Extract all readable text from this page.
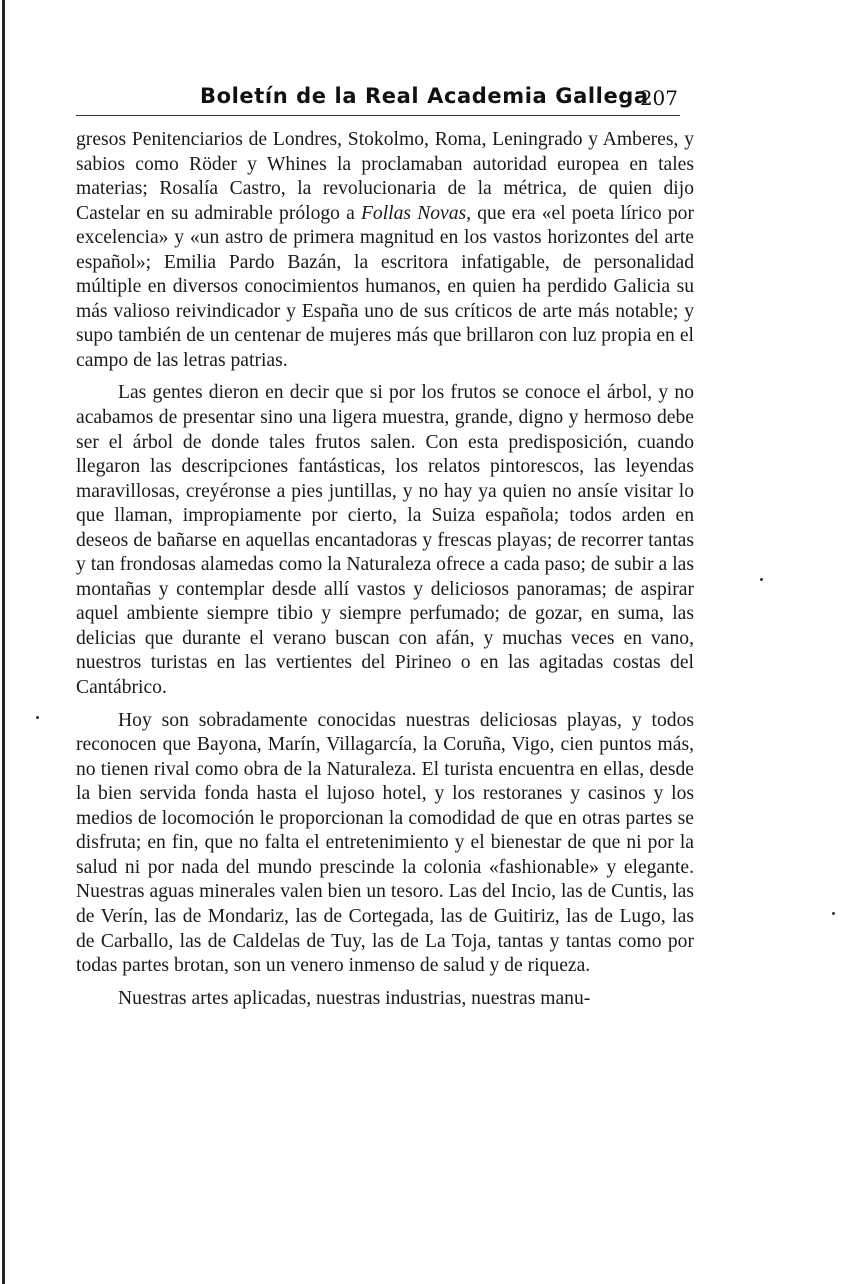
Boletín de la Real Academia Gallega
207

gresos Penitenciarios de Londres, Stokolmo, Roma, Leningrado y Amberes, y sabios como Röder y Whines la proclamaban autoridad europea en tales materias; Rosalía Castro, la revolucionaria de la métrica, de quien dijo Castelar en su admirable prólogo a Follas Novas, que era «el poeta lírico por excelencia» y «un astro de primera magnitud en los vastos horizontes del arte español»; Emilia Pardo Bazán, la escritora infatigable, de personalidad múltiple en diversos conocimientos humanos, en quien ha perdido Galicia su más valioso reivindicador y España uno de sus críticos de arte más notable; y supo también de un centenar de mujeres más que brillaron con luz propia en el campo de las letras patrias.

Las gentes dieron en decir que si por los frutos se conoce el árbol, y no acabamos de presentar sino una ligera muestra, grande, digno y hermoso debe ser el árbol de donde tales frutos salen. Con esta predisposición, cuando llegaron las descripciones fantásticas, los relatos pintorescos, las leyendas maravillosas, creyéronse a pies juntillas, y no hay ya quien no ansíe visitar lo que llaman, impropiamente por cierto, la Suiza española; todos arden en deseos de bañarse en aquellas encantadoras y frescas playas; de recorrer tantas y tan frondosas alamedas como la Naturaleza ofrece a cada paso; de subir a las montañas y contemplar desde allí vastos y deliciosos panoramas; de aspirar aquel ambiente siempre tibio y siempre perfumado; de gozar, en suma, las delicias que durante el verano buscan con afán, y muchas veces en vano, nuestros turistas en las vertientes del Pirineo o en las agitadas costas del Cantábrico.

Hoy son sobradamente conocidas nuestras deliciosas playas, y todos reconocen que Bayona, Marín, Villagarcía, la Coruña, Vigo, cien puntos más, no tienen rival como obra de la Naturaleza. El turista encuentra en ellas, desde la bien servida fonda hasta el lujoso hotel, y los restoranes y casinos y los medios de locomoción le proporcionan la comodidad de que en otras partes se disfruta; en fin, que no falta el entretenimiento y el bienestar de que ni por la salud ni por nada del mundo prescinde la colonia «fashionable» y elegante. Nuestras aguas minerales valen bien un tesoro. Las del Incio, las de Cuntis, las de Verín, las de Mondariz, las de Cortegada, las de Guitiriz, las de Lugo, las de Carballo, las de Caldelas de Tuy, las de La Toja, tantas y tantas como por todas partes brotan, son un venero inmenso de salud y de riqueza.

Nuestras artes aplicadas, nuestras industrias, nuestras manu-
